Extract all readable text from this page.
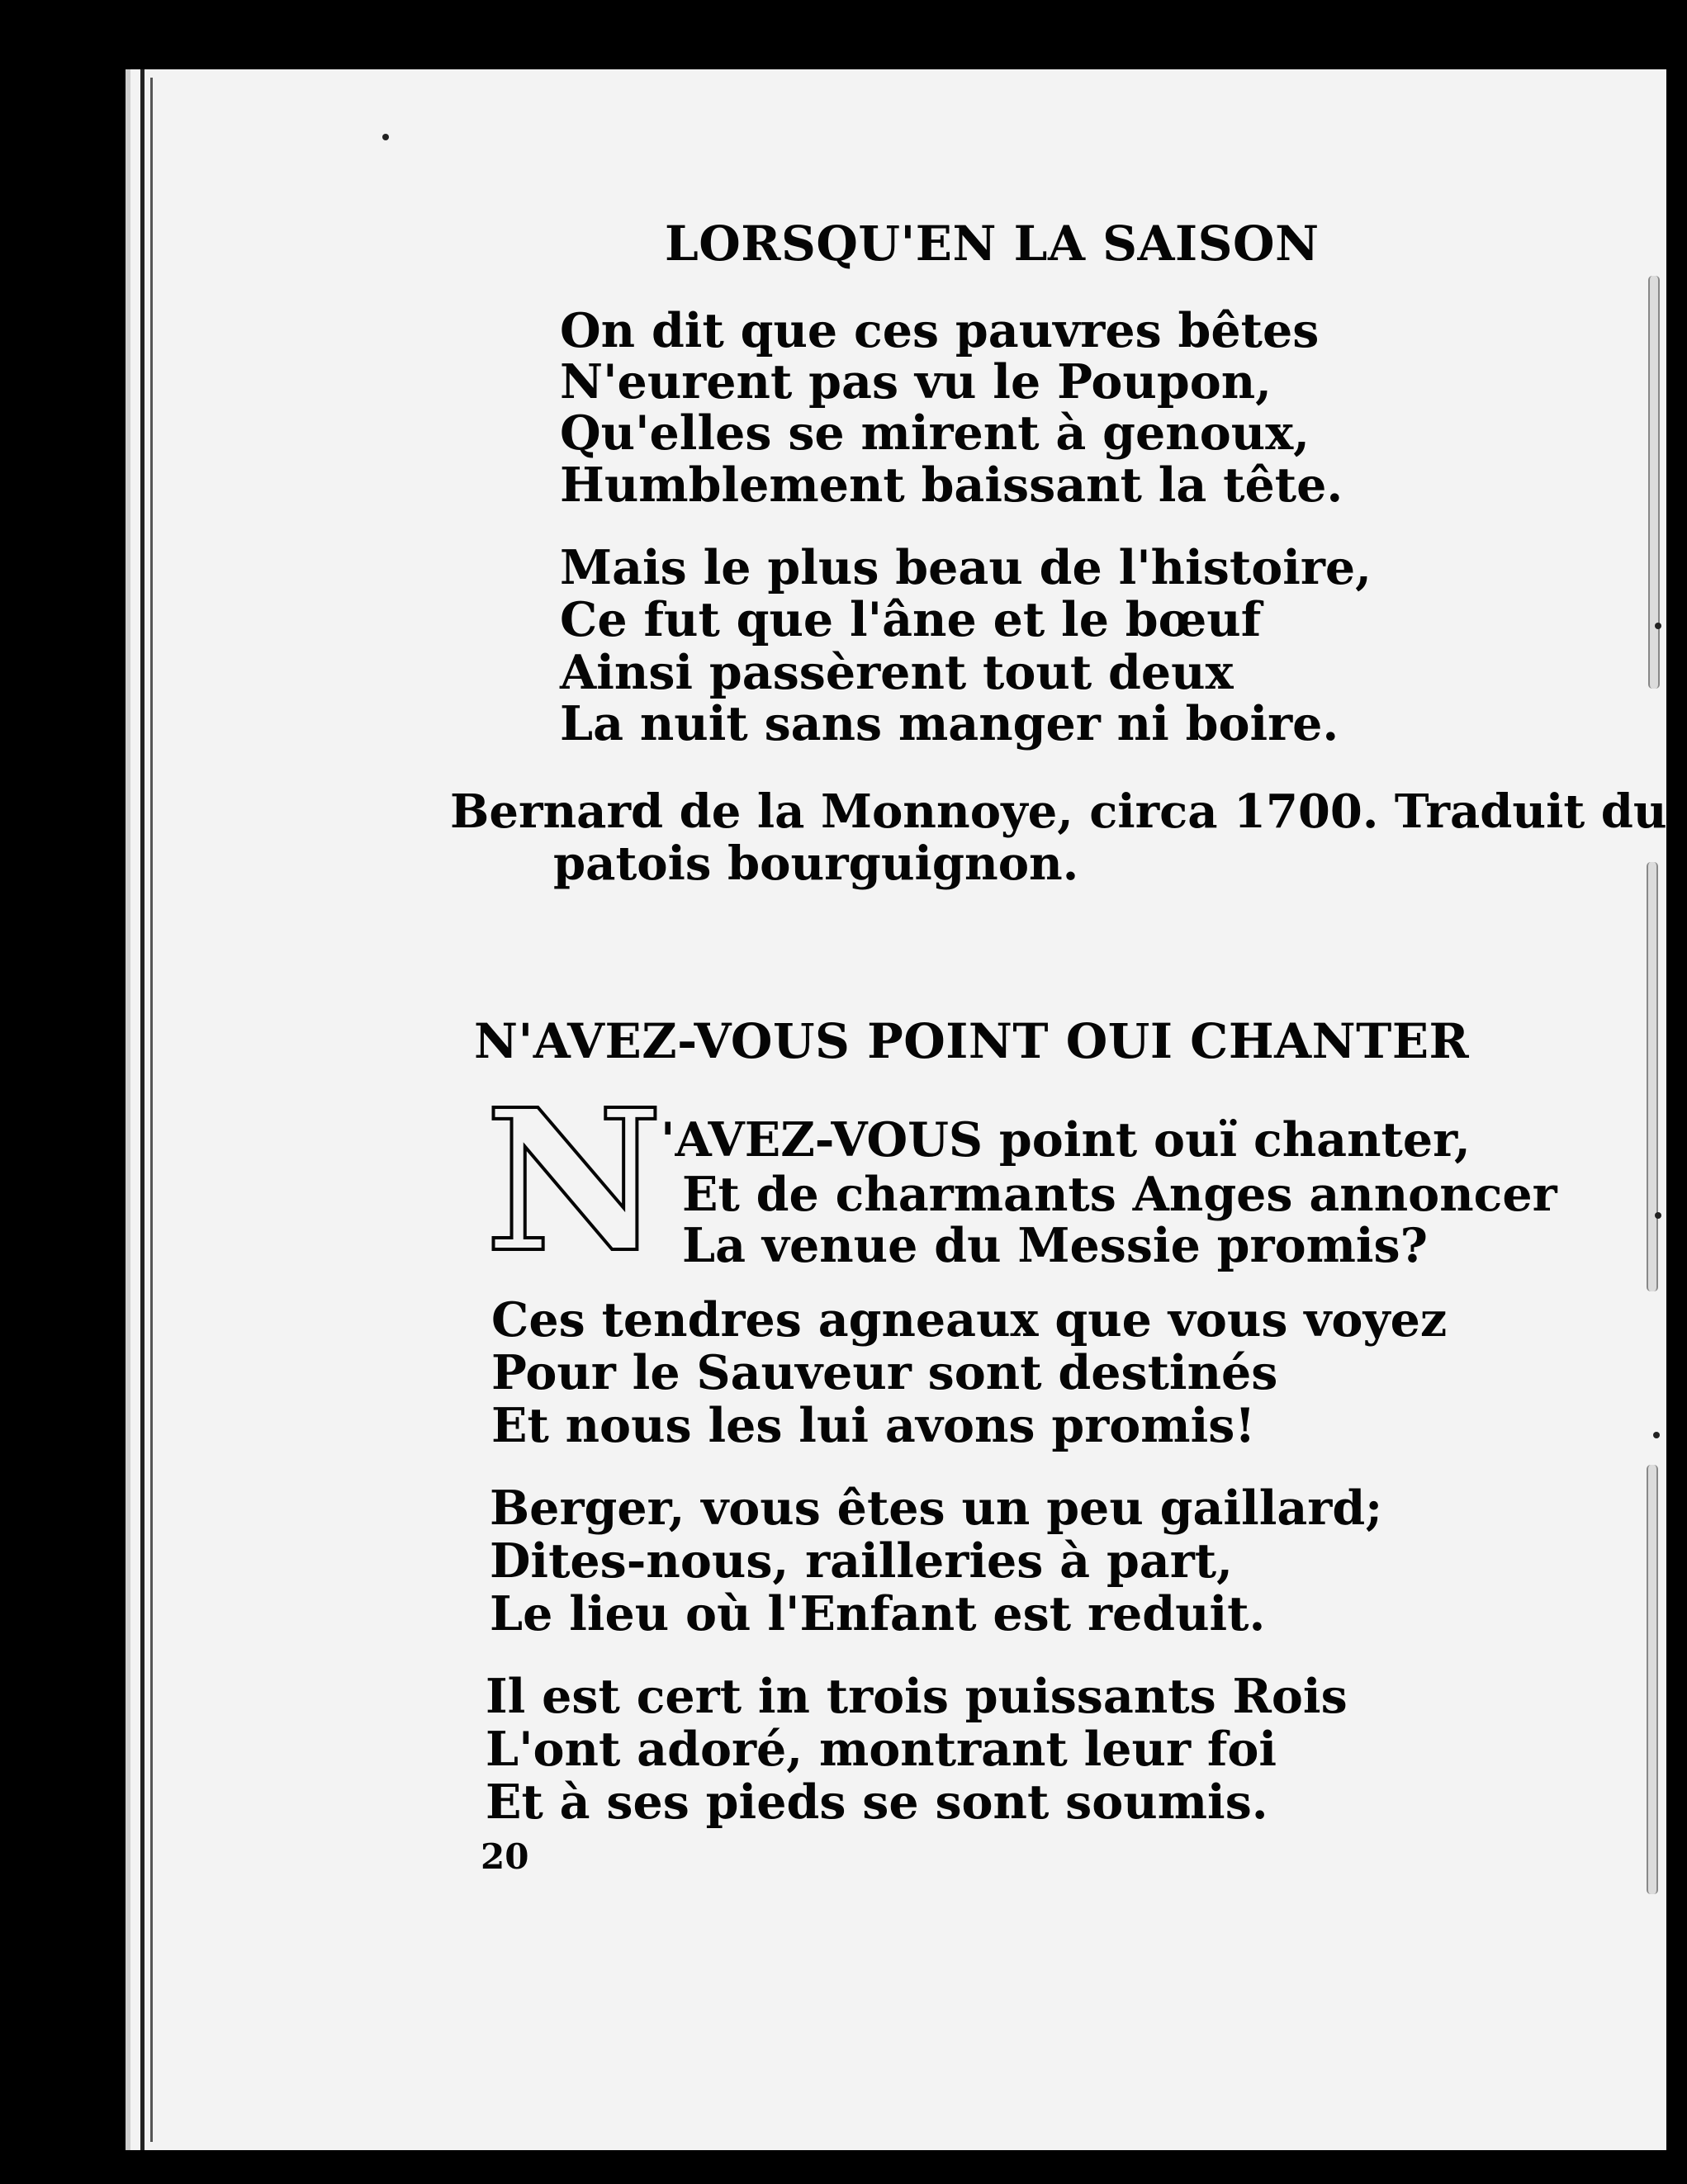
LORSQU'EN LA SAISON
On dit que ces pauvres bêtes
N'eurent pas vu le Poupon,
Qu'elles se mirent à genoux,
Humblement baissant la tête.
Mais le plus beau de l'histoire,
Ce fut que l'âne et le bœuf
Ainsi passèrent tout deux
La nuit sans manger ni boire.
Bernard de la Monnoye, circa 1700. Traduit du
patois bourguignon.
N'AVEZ-VOUS POINT OUI CHANTER
N
'AVEZ-VOUS point ouï chanter,
Et de charmants Anges annoncer
La venue du Messie promis?
Ces tendres agneaux que vous voyez
Pour le Sauveur sont destinés
Et nous les lui avons promis!
Berger, vous êtes un peu gaillard;
Dites-nous, railleries à part,
Le lieu où l'Enfant est reduit.
Il est cert in trois puissants Rois
L'ont adoré, montrant leur foi
Et à ses pieds se sont soumis.
20
